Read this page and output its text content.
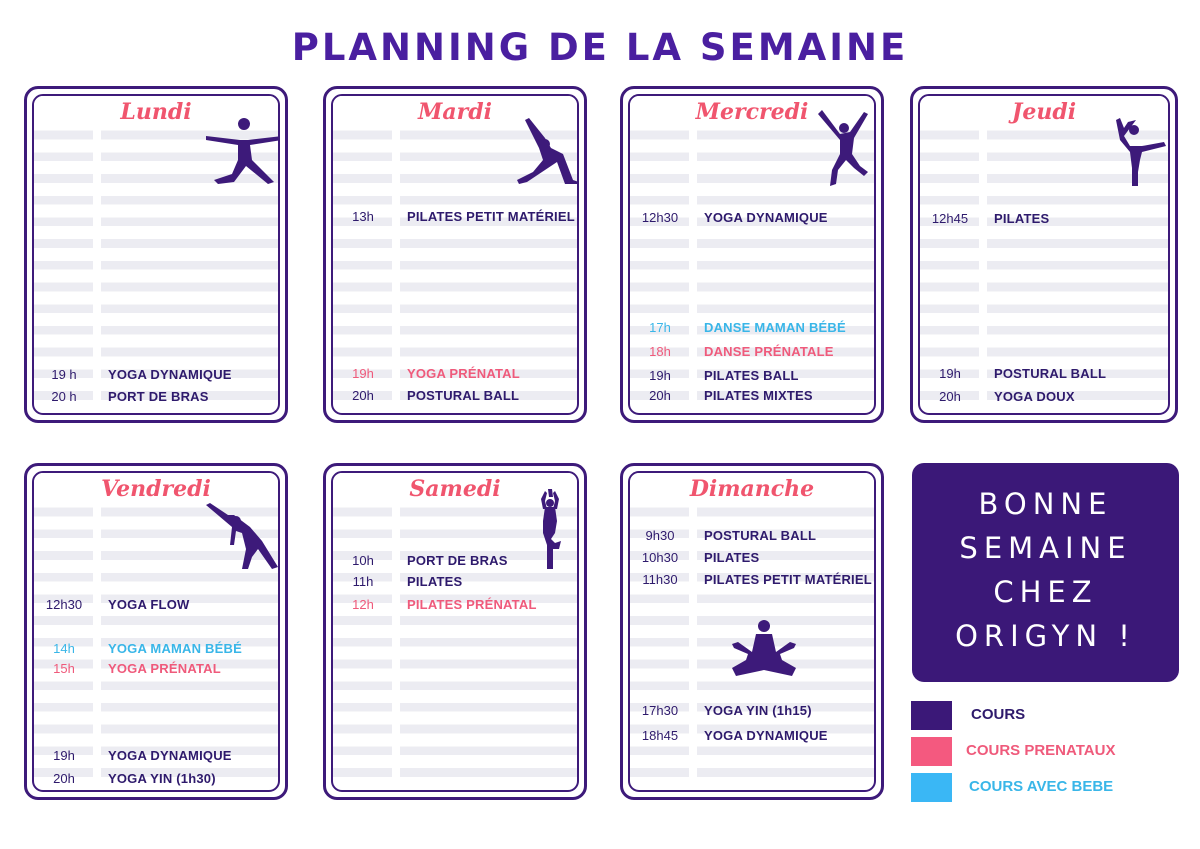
PLANNING DE LA SEMAINE
Lundi
19 h	YOGA DYNAMIQUE
20 h	PORT DE BRAS
Mardi
13h	PILATES PETIT MATÉRIEL
19h	YOGA PRÉNATAL
20h	POSTURAL BALL
Mercredi
12h30	YOGA DYNAMIQUE
17h	DANSE MAMAN BÉBÉ
18h	DANSE PRÉNATALE
19h	PILATES BALL
20h	PILATES MIXTES
Jeudi
12h45	PILATES
19h	POSTURAL BALL
20h	YOGA DOUX
Vendredi
12h30	YOGA FLOW
14h	YOGA MAMAN BÉBÉ
15h	YOGA PRÉNATAL
19h	YOGA DYNAMIQUE
20h	YOGA YIN (1h30)
Samedi
10h	PORT DE BRAS
11h	PILATES
12h	PILATES PRÉNATAL
Dimanche
9h30	POSTURAL BALL
10h30	PILATES
11h30	PILATES PETIT MATÉRIEL
17h30	YOGA YIN (1h15)
18h45	YOGA DYNAMIQUE
BONNE
SEMAINE
CHEZ
ORIGYN !
COURS
COURS PRENATAUX
COURS AVEC BEBE
